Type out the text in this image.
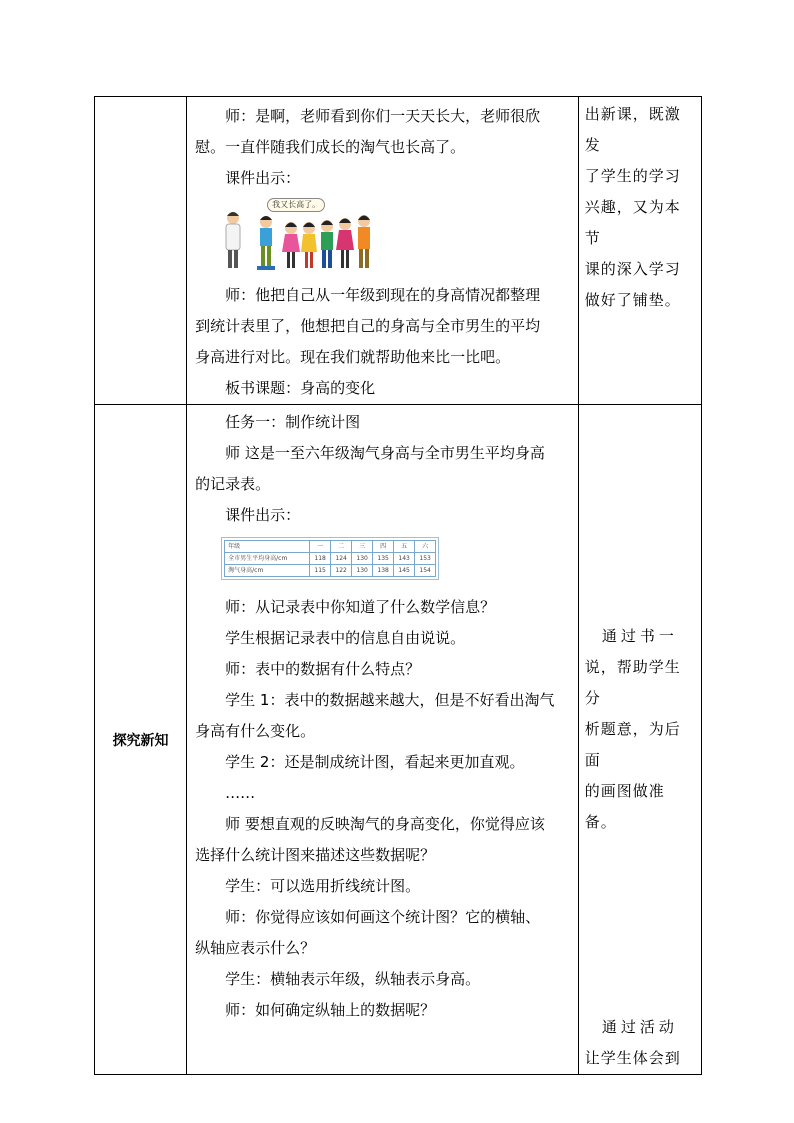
师：是啊，老师看到你们一天天长大，老师很欣

慰。一直伴随我们成长的淘气也长高了。

课件出示：

我又长高了。

师：他把自己从一年级到现在的身高情况都整理

到统计表里了，他想把自己的身高与全市男生的平均

身高进行对比。现在我们就帮助他来比一比吧。

板书课题：身高的变化

出新课，既激发
了学生的学习
兴趣，又为本节
课的深入学习
做好了铺垫。

探究新知	

任务一：制作统计图

师 这是一至六年级淘气身高与全市男生平均身高

的记录表。

课件出示：

年级	一	二	三	四	五	六
全市男生平均身高/cm	118	124	130	135	143	153
淘气身高/cm	115	122	130	138	145	154

师：从记录表中你知道了什么数学信息？

学生根据记录表中的信息自由说说。

师：表中的数据有什么特点？

学生 1：表中的数据越来越大，但是不好看出淘气

身高有什么变化。

学生 2：还是制成统计图，看起来更加直观。

……

师 要想直观的反映淘气的身高变化，你觉得应该

选择什么统计图来描述这些数据呢？

学生：可以选用折线统计图。

师：你觉得应该如何画这个统计图？它的横轴、

纵轴应表示什么？

学生：横轴表示年级，纵轴表示身高。

师：如何确定纵轴上的数据呢？

通过书一
说，帮助学生分
析题意，为后面
的画图做准备。
通过活动
让学生体会到
